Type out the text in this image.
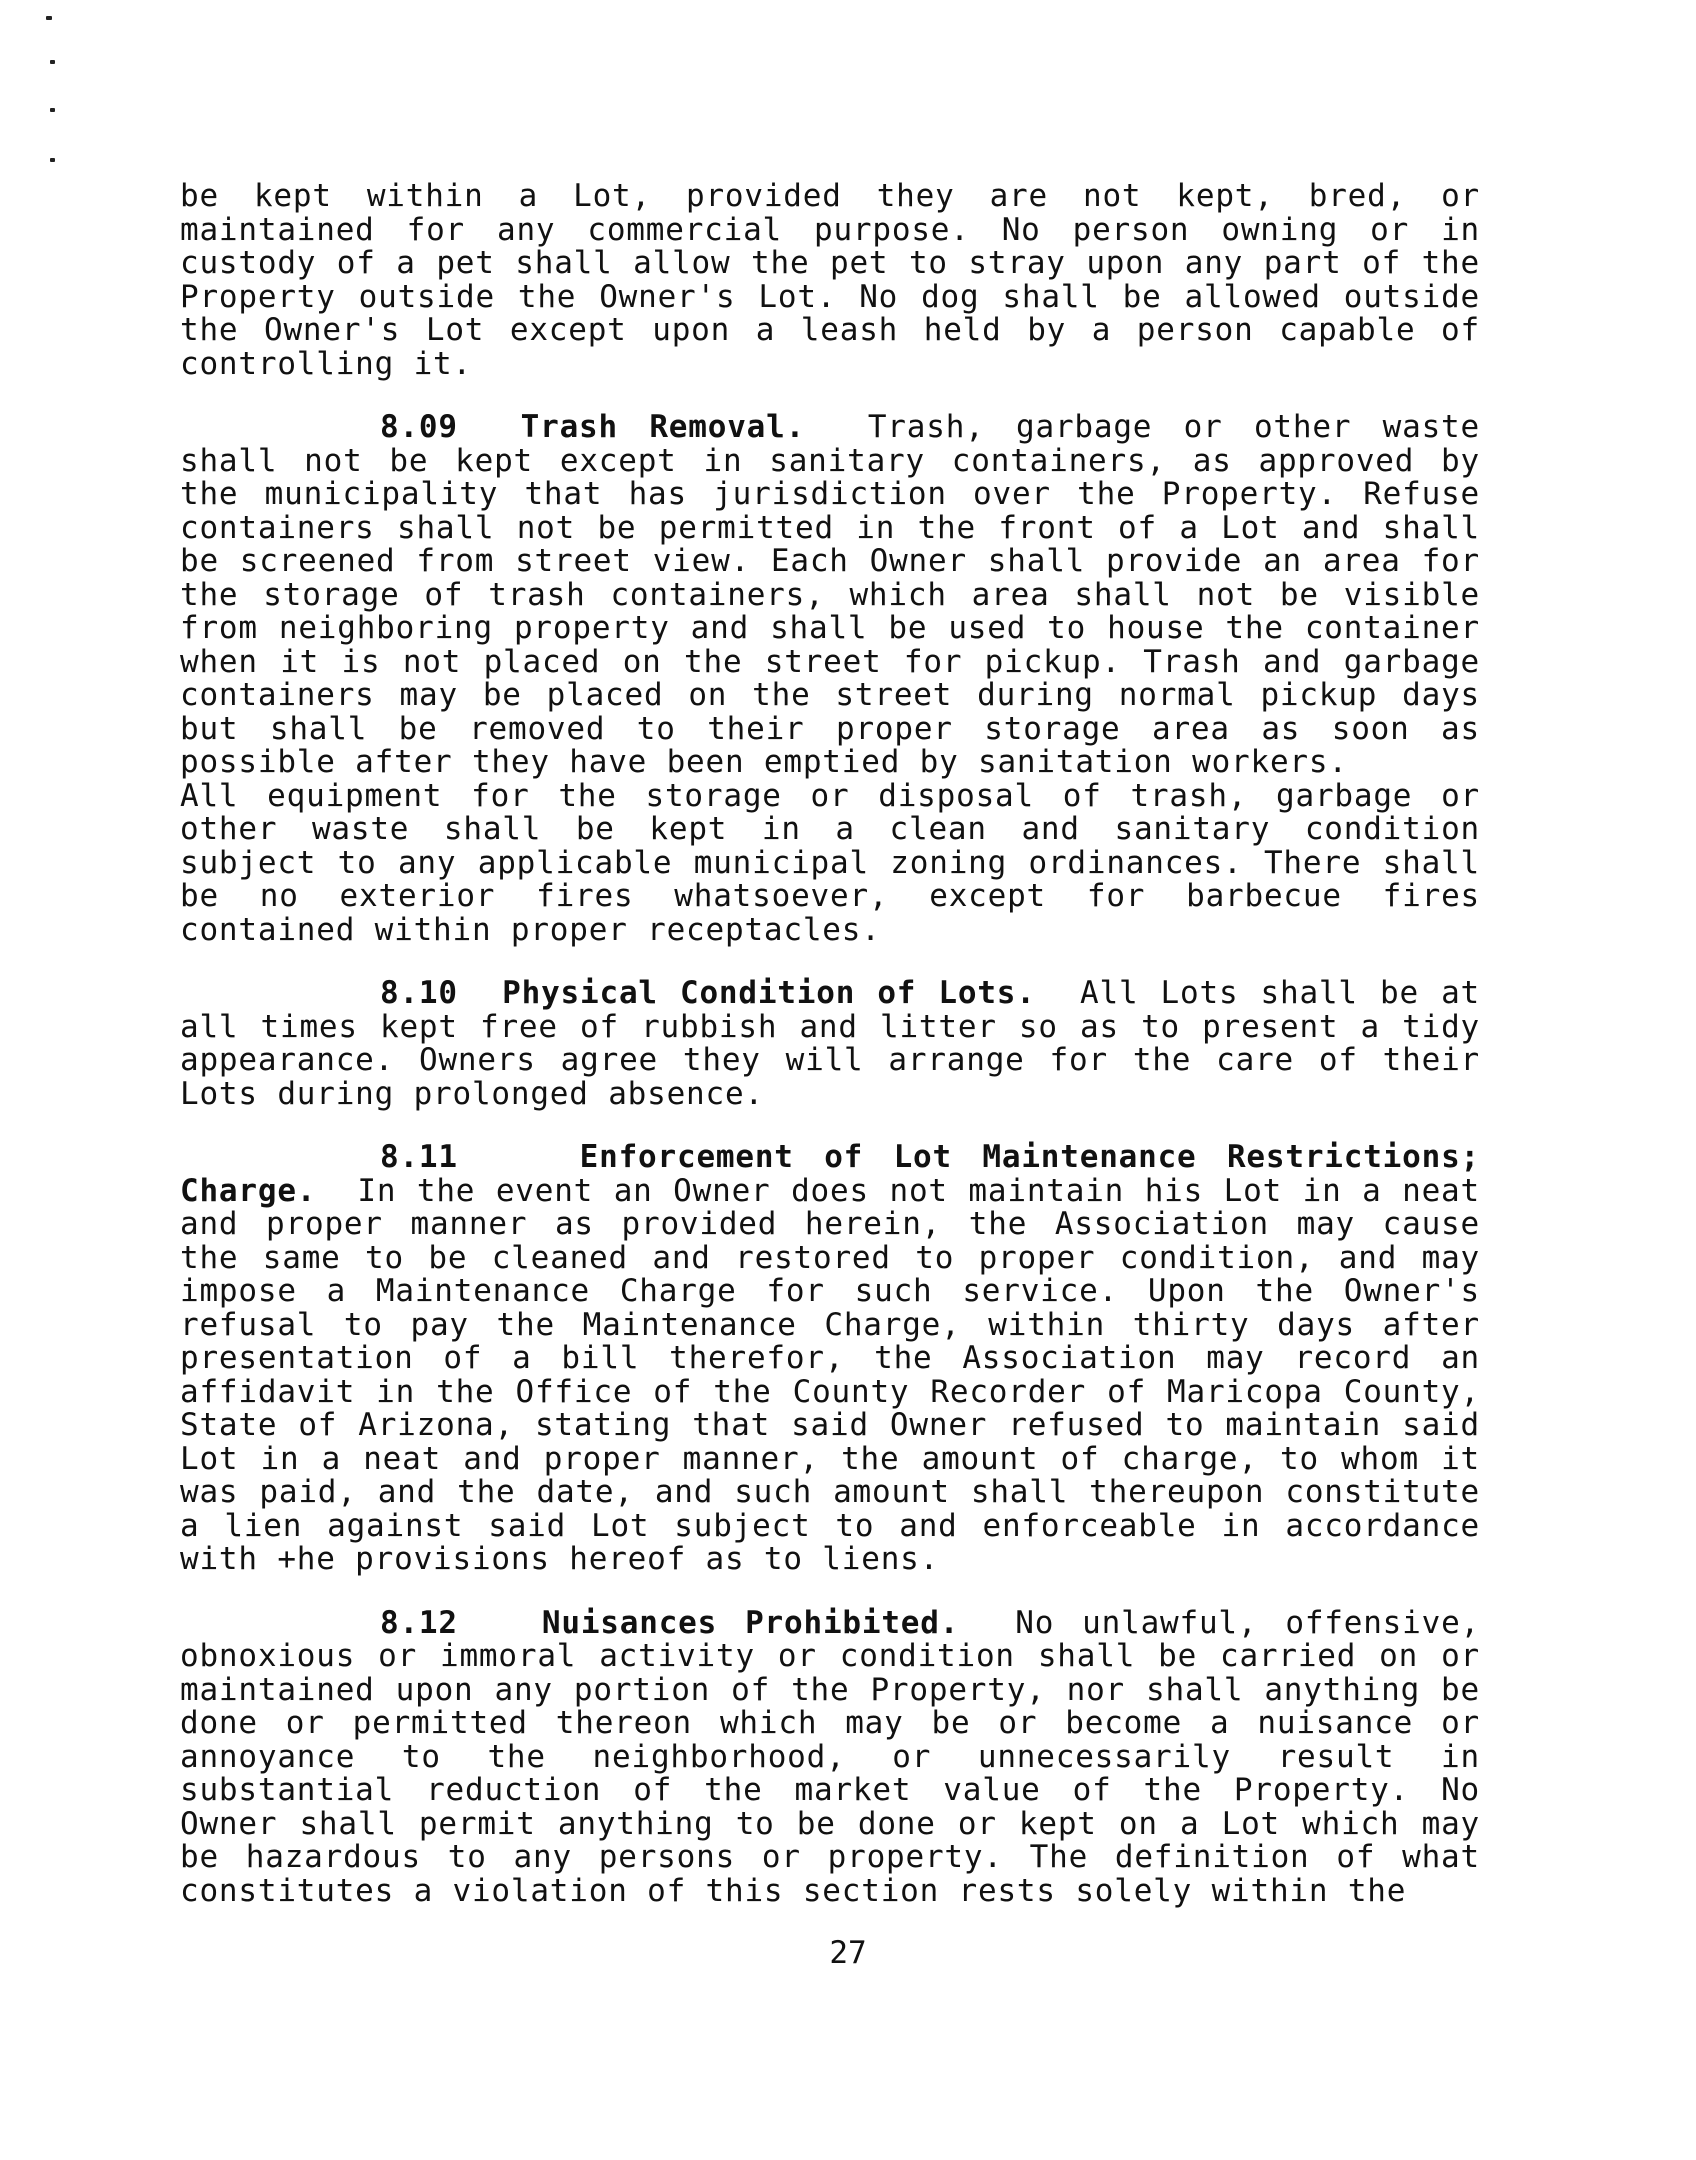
be kept within a Lot, provided they are not kept, bred, or maintained for any commercial purpose. No person owning or in custody of a pet shall allow the pet to stray upon any part of the Property outside the Owner's Lot. No dog shall be allowed outside the Owner's Lot except upon a leash held by a person capable of controlling it.

8.09 Trash Removal. Trash, garbage or other waste shall not be kept except in sanitary containers, as approved by the municipality that has jurisdiction over the Property. Refuse containers shall not be permitted in the front of a Lot and shall be screened from street view. Each Owner shall provide an area for the storage of trash containers, which area shall not be visible from neighboring property and shall be used to house the container when it is not placed on the street for pickup. Trash and garbage containers may be placed on the street during normal pickup days but shall be removed to their proper storage area as soon as possible after they have been emptied by sanitation workers.

All equipment for the storage or disposal of trash, garbage or other waste shall be kept in a clean and sanitary condition subject to any applicable municipal zoning ordinances. There shall be no exterior fires whatsoever, except for barbecue fires contained within proper receptacles.

8.10 Physical Condition of Lots. All Lots shall be at all times kept free of rubbish and litter so as to present a tidy appearance. Owners agree they will arrange for the care of their Lots during prolonged absence.

8.11	Enforcement of Lot Maintenance Restrictions; Charge. In the event an Owner does not maintain his Lot in a neat and proper manner as provided herein, the Association may cause the same to be cleaned and restored to proper condition, and may impose a Maintenance Charge for such service. Upon the Owner's refusal to pay the Maintenance Charge, within thirty days after presentation of a bill therefor, the Association may record an affidavit in the Office of the County Recorder of Maricopa County, State of Arizona, stating that said Owner refused to maintain said Lot in a neat and proper manner, the amount of charge, to whom it was paid, and the date, and such amount shall thereupon constitute a lien against said Lot subject to and enforceable in accordance with +he provisions hereof as to liens.

8.12	Nuisances Prohibited. No unlawful, offensive, obnoxious or immoral activity or condition shall be carried on or maintained upon any portion of the Property, nor shall anything be done or permitted thereon which may be or become a nuisance or annoyance to the neighborhood, or unnecessarily result in substantial reduction of the market value of the Property. No Owner shall permit anything to be done or kept on a Lot which may be hazardous to any persons or property. The definition of what constitutes a violation of this section rests solely within the

27
